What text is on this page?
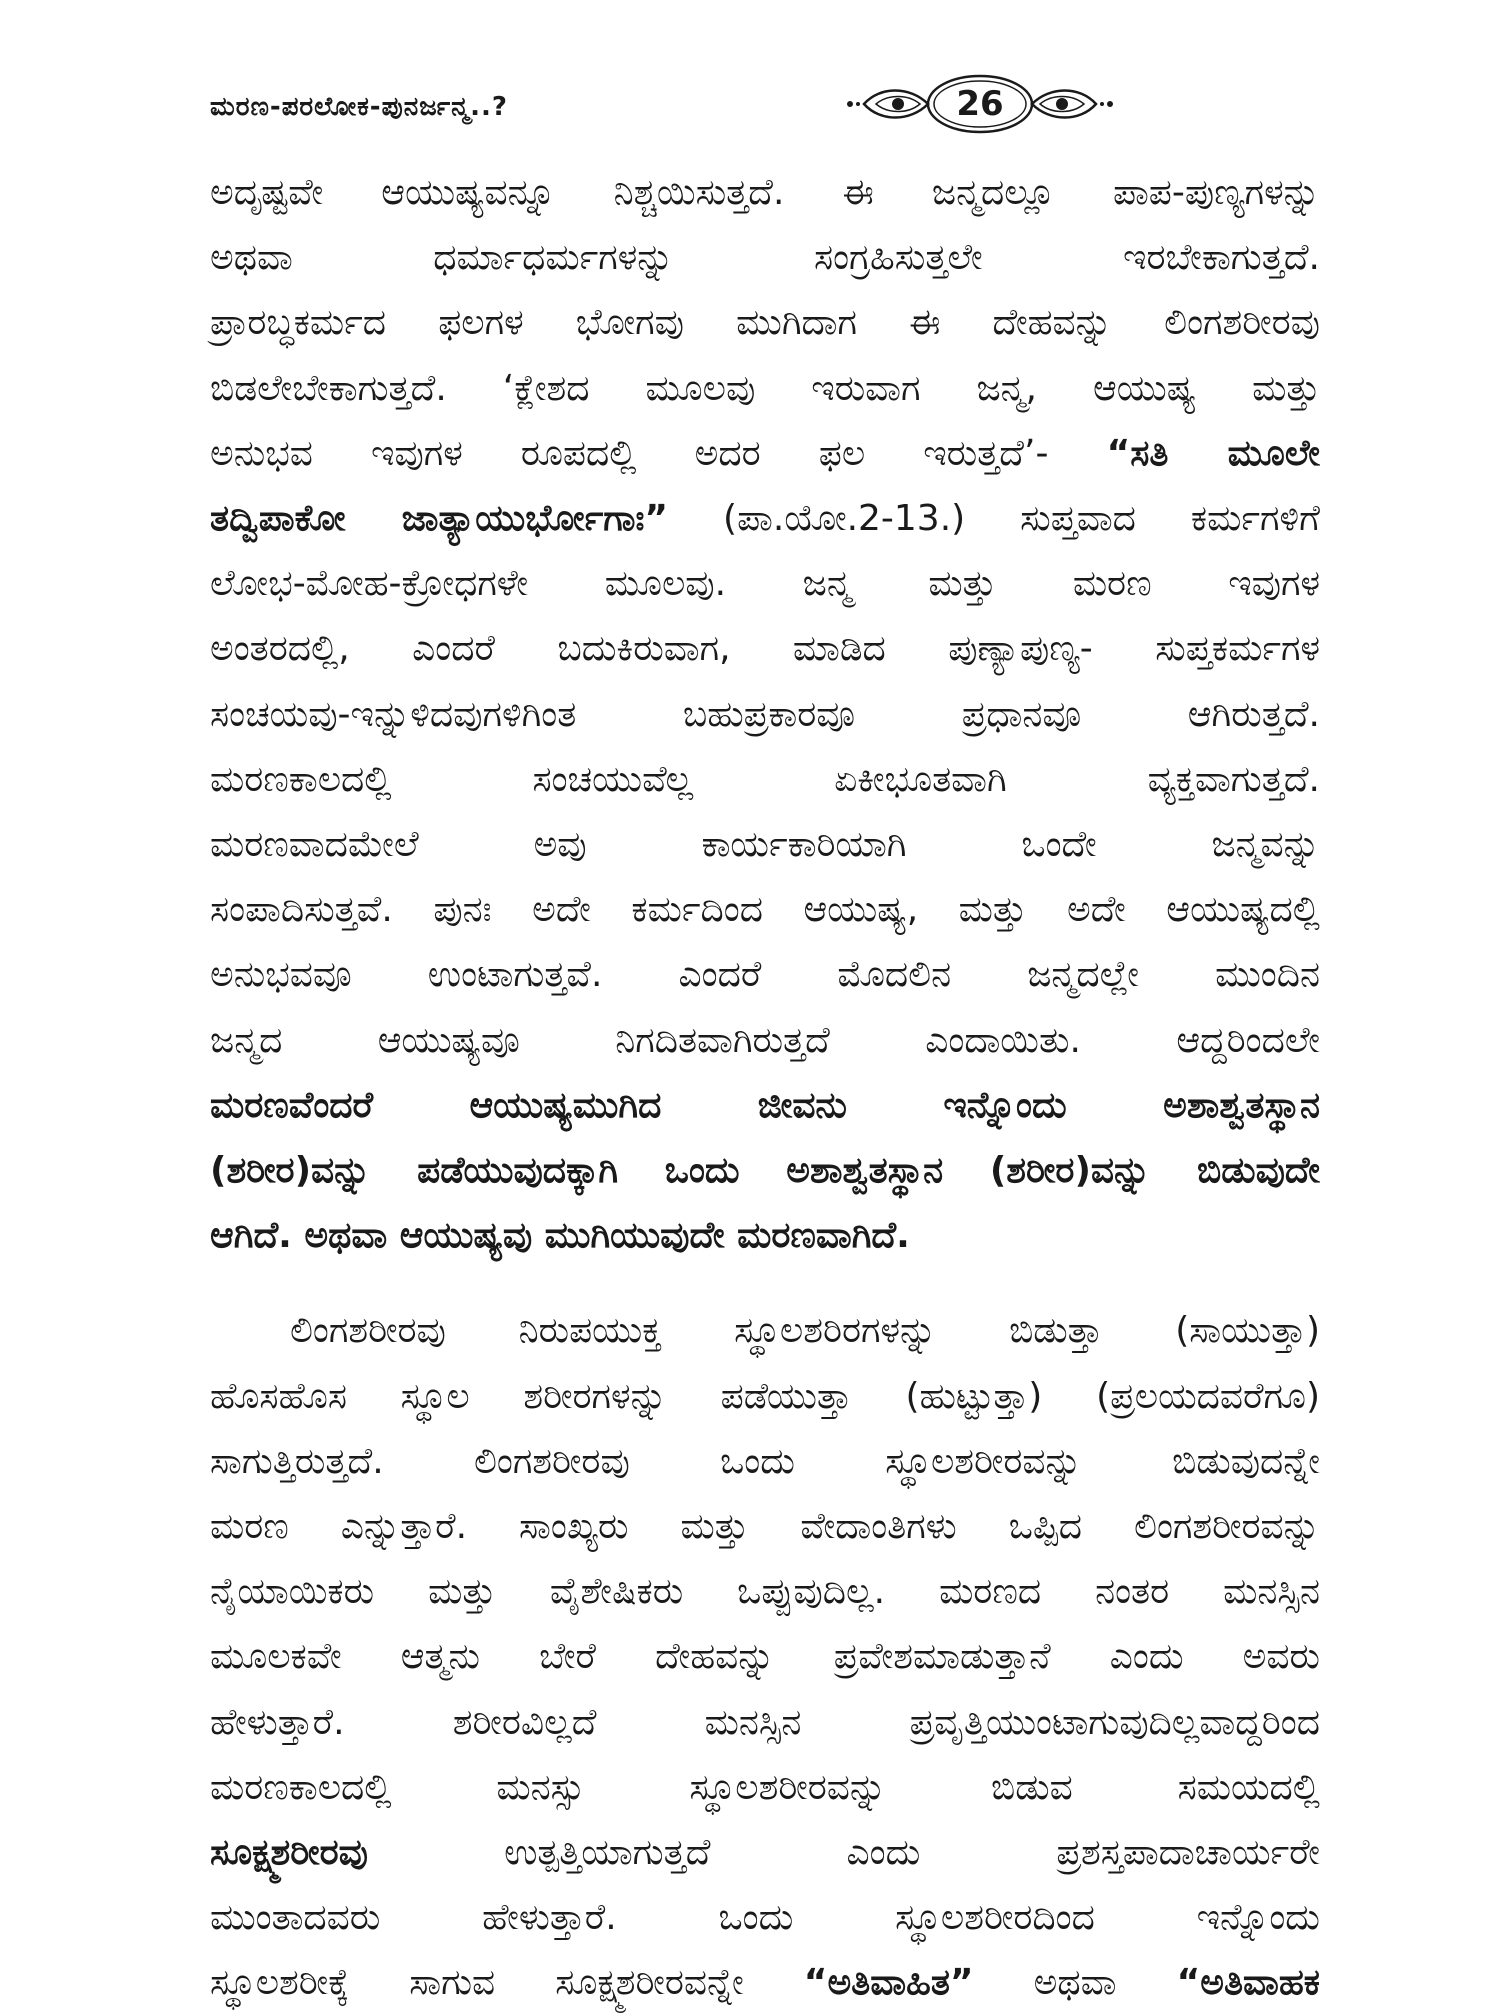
ಮರಣ-ಪರಲೋಕ-ಪುನರ್ಜನ್ಮ..?	26
ಅದೃಷ್ಟವೇ ಆಯುಷ್ಯವನ್ನೂ ನಿಶ್ಚಯಿಸುತ್ತದೆ. ಈ ಜನ್ಮದಲ್ಲೂ ಪಾಪ-ಪುಣ್ಯಗಳನ್ನು
ಅಥವಾ ಧರ್ಮಾಧರ್ಮಗಳನ್ನು ಸಂಗ್ರಹಿಸುತ್ತಲೇ ಇರಬೇಕಾಗುತ್ತದೆ.
ಪ್ರಾರಬ್ಧಕರ್ಮದ ಫಲಗಳ ಭೋಗವು ಮುಗಿದಾಗ ಈ ದೇಹವನ್ನು ಲಿಂಗಶರೀರವು
ಬಿಡಲೇಬೇಕಾಗುತ್ತದೆ. ‘ಕ್ಲೇಶದ ಮೂಲವು ಇರುವಾಗ ಜನ್ಮ, ಆಯುಷ್ಯ ಮತ್ತು
ಅನುಭವ ಇವುಗಳ ರೂಪದಲ್ಲಿ ಅದರ ಫಲ ಇರುತ್ತದೆ’- “ಸತಿ ಮೂಲೇ
ತದ್ವಿಪಾಕೋ ಜಾತ್ಯಾಯುರ್ಭೋಗಾಃ” (ಪಾ.ಯೋ.2-13.) ಸುಪ್ತವಾದ ಕರ್ಮಗಳಿಗೆ
ಲೋಭ-ಮೋಹ-ಕ್ರೋಧಗಳೇ ಮೂಲವು. ಜನ್ಮ ಮತ್ತು ಮರಣ ಇವುಗಳ
ಅಂತರದಲ್ಲಿ, ಎಂದರೆ ಬದುಕಿರುವಾಗ, ಮಾಡಿದ ಪುಣ್ಯಾಪುಣ್ಯ- ಸುಪ್ತಕರ್ಮಗಳ
ಸಂಚಯವು-ಇನ್ನುಳಿದವುಗಳಿಗಿಂತ ಬಹುಪ್ರಕಾರವೂ ಪ್ರಧಾನವೂ ಆಗಿರುತ್ತದೆ.
ಮರಣಕಾಲದಲ್ಲಿ ಸಂಚಯುವೆಲ್ಲ ಏಕೀಭೂತವಾಗಿ ವ್ಯಕ್ತವಾಗುತ್ತದೆ.
ಮರಣವಾದಮೇಲೆ ಅವು ಕಾರ್ಯಕಾರಿಯಾಗಿ ಒಂದೇ ಜನ್ಮವನ್ನು
ಸಂಪಾದಿಸುತ್ತವೆ. ಪುನಃ ಅದೇ ಕರ್ಮದಿಂದ ಆಯುಷ್ಯ, ಮತ್ತು ಅದೇ ಆಯುಷ್ಯದಲ್ಲಿ
ಅನುಭವವೂ ಉಂಟಾಗುತ್ತವೆ. ಎಂದರೆ ಮೊದಲಿನ ಜನ್ಮದಲ್ಲೇ ಮುಂದಿನ
ಜನ್ಮದ ಆಯುಷ್ಯವೂ ನಿಗದಿತವಾಗಿರುತ್ತದೆ ಎಂದಾಯಿತು. ಆದ್ದರಿಂದಲೇ
ಮರಣವೆಂದರೆ ಆಯುಷ್ಯಮುಗಿದ ಜೀವನು ಇನ್ನೊಂದು ಅಶಾಶ್ವತಸ್ಥಾನ
(ಶರೀರ)ವನ್ನು ಪಡೆಯುವುದಕ್ಕಾಗಿ ಒಂದು ಅಶಾಶ್ವತಸ್ಥಾನ (ಶರೀರ)ವನ್ನು ಬಿಡುವುದೇ
ಆಗಿದೆ. ಅಥವಾ ಆಯುಷ್ಯವು ಮುಗಿಯುವುದೇ ಮರಣವಾಗಿದೆ.
ಲಿಂಗಶರೀರವು ನಿರುಪಯುಕ್ತ ಸ್ಥೂಲಶರಿರಗಳನ್ನು ಬಿಡುತ್ತಾ (ಸಾಯುತ್ತಾ)
ಹೊಸಹೊಸ ಸ್ಥೂಲ ಶರೀರಗಳನ್ನು ಪಡೆಯುತ್ತಾ (ಹುಟ್ಟುತ್ತಾ) (ಪ್ರಲಯದವರೆಗೂ)
ಸಾಗುತ್ತಿರುತ್ತದೆ. ಲಿಂಗಶರೀರವು ಒಂದು ಸ್ಥೂಲಶರೀರವನ್ನು ಬಿಡುವುದನ್ನೇ
ಮರಣ ಎನ್ನುತ್ತಾರೆ. ಸಾಂಖ್ಯರು ಮತ್ತು ವೇದಾಂತಿಗಳು ಒಪ್ಪಿದ ಲಿಂಗಶರೀರವನ್ನು
ನೈಯಾಯಿಕರು ಮತ್ತು ವೈಶೇಷಿಕರು ಒಪ್ಪುವುದಿಲ್ಲ. ಮರಣದ ನಂತರ ಮನಸ್ಸಿನ
ಮೂಲಕವೇ ಆತ್ಮನು ಬೇರೆ ದೇಹವನ್ನು ಪ್ರವೇಶಮಾಡುತ್ತಾನೆ ಎಂದು ಅವರು
ಹೇಳುತ್ತಾರೆ. ಶರೀರವಿಲ್ಲದೆ ಮನಸ್ಸಿನ ಪ್ರವೃತ್ತಿಯುಂಟಾಗುವುದಿಲ್ಲವಾದ್ದರಿಂದ
ಮರಣಕಾಲದಲ್ಲಿ ಮನಸ್ಸು ಸ್ಥೂಲಶರೀರವನ್ನು ಬಿಡುವ ಸಮಯದಲ್ಲಿ
ಸೂಕ್ಷ್ಮಶರೀರವು	ಉತ್ಪತ್ತಿಯಾಗುತ್ತದೆ ಎಂದು ಪ್ರಶಸ್ತಪಾದಾಚಾರ್ಯರೇ
ಮುಂತಾದವರು ಹೇಳುತ್ತಾರೆ. ಒಂದು ಸ್ಥೂಲಶರೀರದಿಂದ ಇನ್ನೊಂದು
ಸ್ಥೂಲಶರೀಕ್ಕೆ ಸಾಗುವ ಸೂಕ್ಷ್ಮಶರೀರವನ್ನೇ “ಅತಿವಾಹಿತ” ಅಥವಾ “ಅತಿವಾಹಕ
